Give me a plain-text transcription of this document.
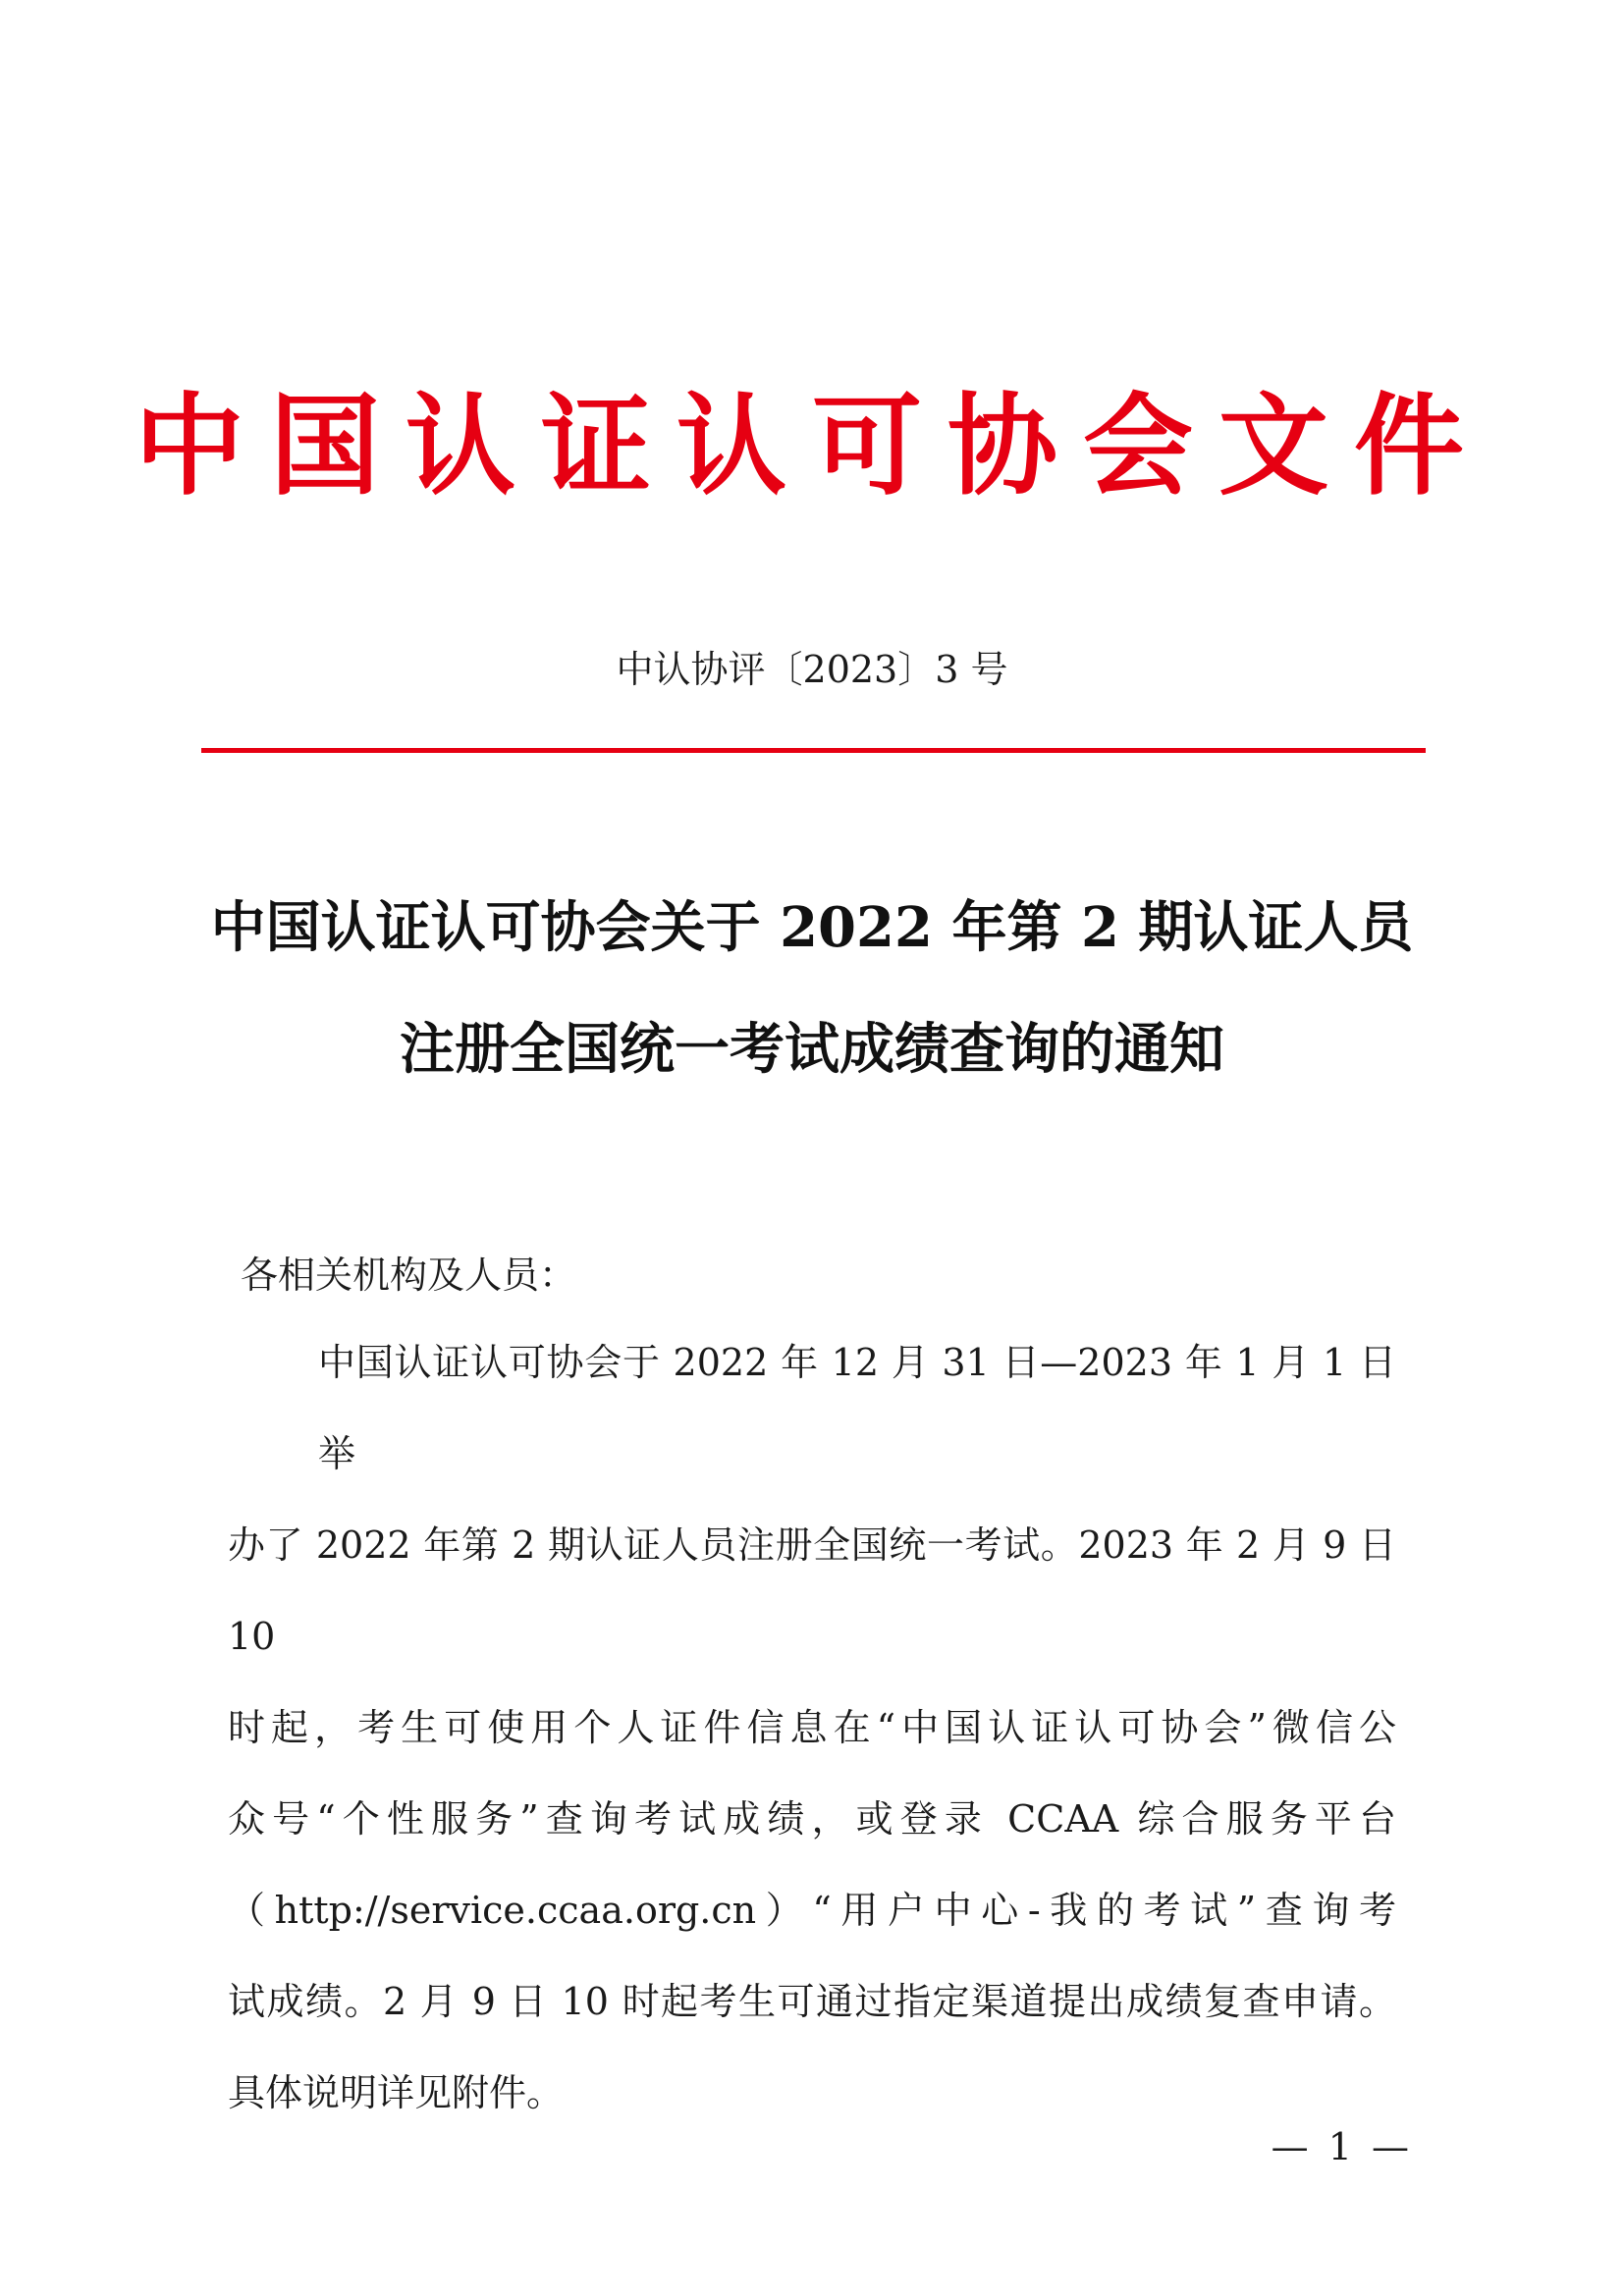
中国认证认可协会文件
中认协评〔2023〕3 号
中国认证认可协会关于 2022 年第 2 期认证人员
注册全国统一考试成绩查询的通知
各相关机构及人员：
中国认证认可协会于 2022 年 12 月 31 日—2023 年 1 月 1 日举
办了 2022 年第 2 期认证人员注册全国统一考试。2023 年 2 月 9 日 10
时起，考生可使用个人证件信息在“中国认证认可协会”微信公
众号“个性服务”查询考试成绩，或登录 CCAA 综合服务平台
（http://service.ccaa.org.cn）“用户中心-我的考试”查询考
试成绩。2 月 9 日 10 时起考生可通过指定渠道提出成绩复查申请。
具体说明详见附件。
— 1 —
